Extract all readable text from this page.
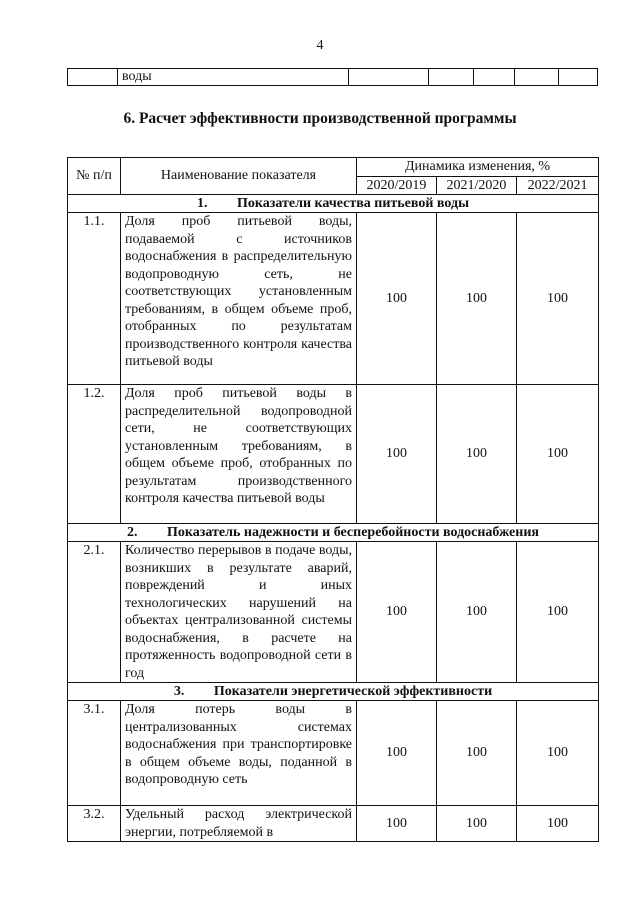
4
	воды					
6. Расчет эффективности производственной программы
№ п/п	Наименование показателя	Динамика изменения, %		
		2020/2019	2021/2020	2022/2021
1. Показатели качества питьевой воды				
1.1.	Доля проб питьевой воды, подаваемой с источников водоснабжения в распределительную водопроводную сеть, не соответствующих установленным требованиям, в общем объеме проб, отобранных по результатам производственного контроля качества питьевой воды	100	100	100
1.2.	Доля проб питьевой воды в распределительной водопроводной сети, не соответствующих установленным требованиям, в общем объеме проб, отобранных по результатам производственного контроля качества питьевой воды	100	100	100
2. Показатель надежности и бесперебойности водоснабжения				
2.1.	Количество перерывов в подаче воды, возникших в результате аварий, повреждений и иных технологических нарушений на объектах централизованной системы водоснабжения, в расчете на протяженность водопроводной сети в год	100	100	100
3. Показатели энергетической эффективности				
3.1.	Доля потерь воды в централизованных системах водоснабжения при транспортировке в общем объеме воды, поданной в водопроводную сеть	100	100	100
3.2.	Удельный расход электрической энергии, потребляемой в	100	100	100
